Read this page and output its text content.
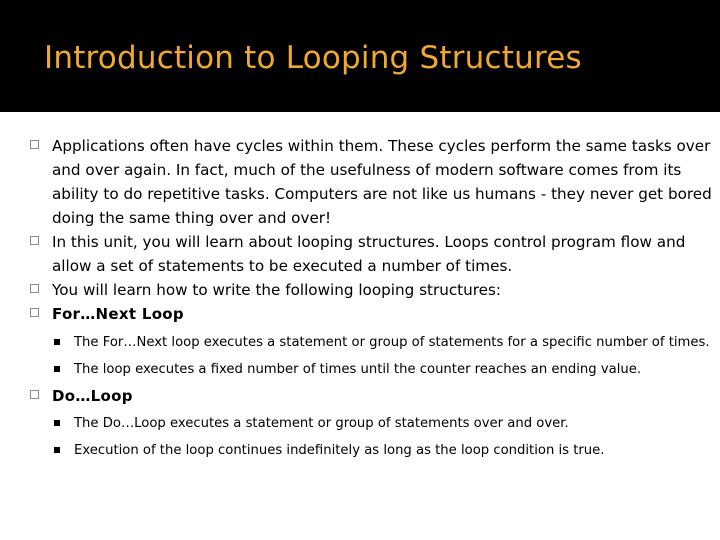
Introduction to Looping Structures
Applications often have cycles within them. These cycles perform the same tasks over and over again. In fact, much of the usefulness of modern software comes from its ability to do repetitive tasks. Computers are not like us humans - they never get bored doing the same thing over and over!
In this unit, you will learn about looping structures. Loops control program flow and allow a set of statements to be executed a number of times.
You will learn how to write the following looping structures:
For…Next Loop
The For…Next loop executes a statement or group of statements for a specific number of times.
The loop executes a fixed number of times until the counter reaches an ending value.
Do…Loop
The Do…Loop executes a statement or group of statements over and over.
Execution of the loop continues indefinitely as long as the loop condition is true.
